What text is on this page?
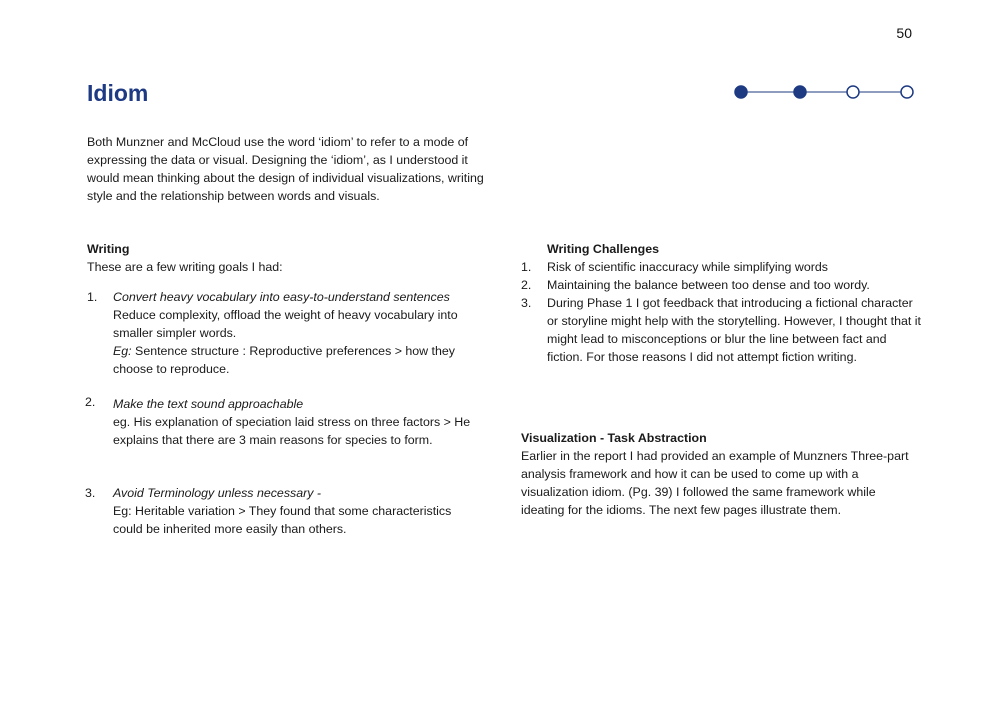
50
Idiom

Both Munzner and McCloud use the word ‘idiom’ to refer to a mode of expressing the data or visual. Designing the ‘idiom’, as I understood it would mean thinking about the design of individual visualizations, writing style and the relationship between words and visuals.

Writing
These are a few writing goals I had:
1. Convert heavy vocabulary into easy-to-understand sentences
Reduce complexity, offload the weight of heavy vocabulary into smaller simpler words.
Eg: Sentence structure : Reproductive preferences > how they choose to reproduce.
2. Make the text sound approachable
eg. His explanation of speciation laid stress on three factors > He explains that there are 3 main reasons for species to form.
3. Avoid Terminology unless necessary -
Eg: Heritable variation > They found that some characteristics could be inherited more easily than others.
Writing Challenges
1. Risk of scientific inaccuracy while simplifying words
2. Maintaining the balance between too dense and too wordy.
3. During Phase 1 I got feedback that introducing a fictional character or storyline might help with the storytelling. However, I thought that it might lead to misconceptions or blur the line between fact and fiction. For those reasons I did not attempt fiction writing.
Visualization - Task Abstraction
Earlier in the report I had provided an example of Munzners Three-part analysis framework and how it can be used to come up with a visualization idiom. (Pg. 39) I followed the same framework while ideating for the idioms. The next few pages illustrate them.
